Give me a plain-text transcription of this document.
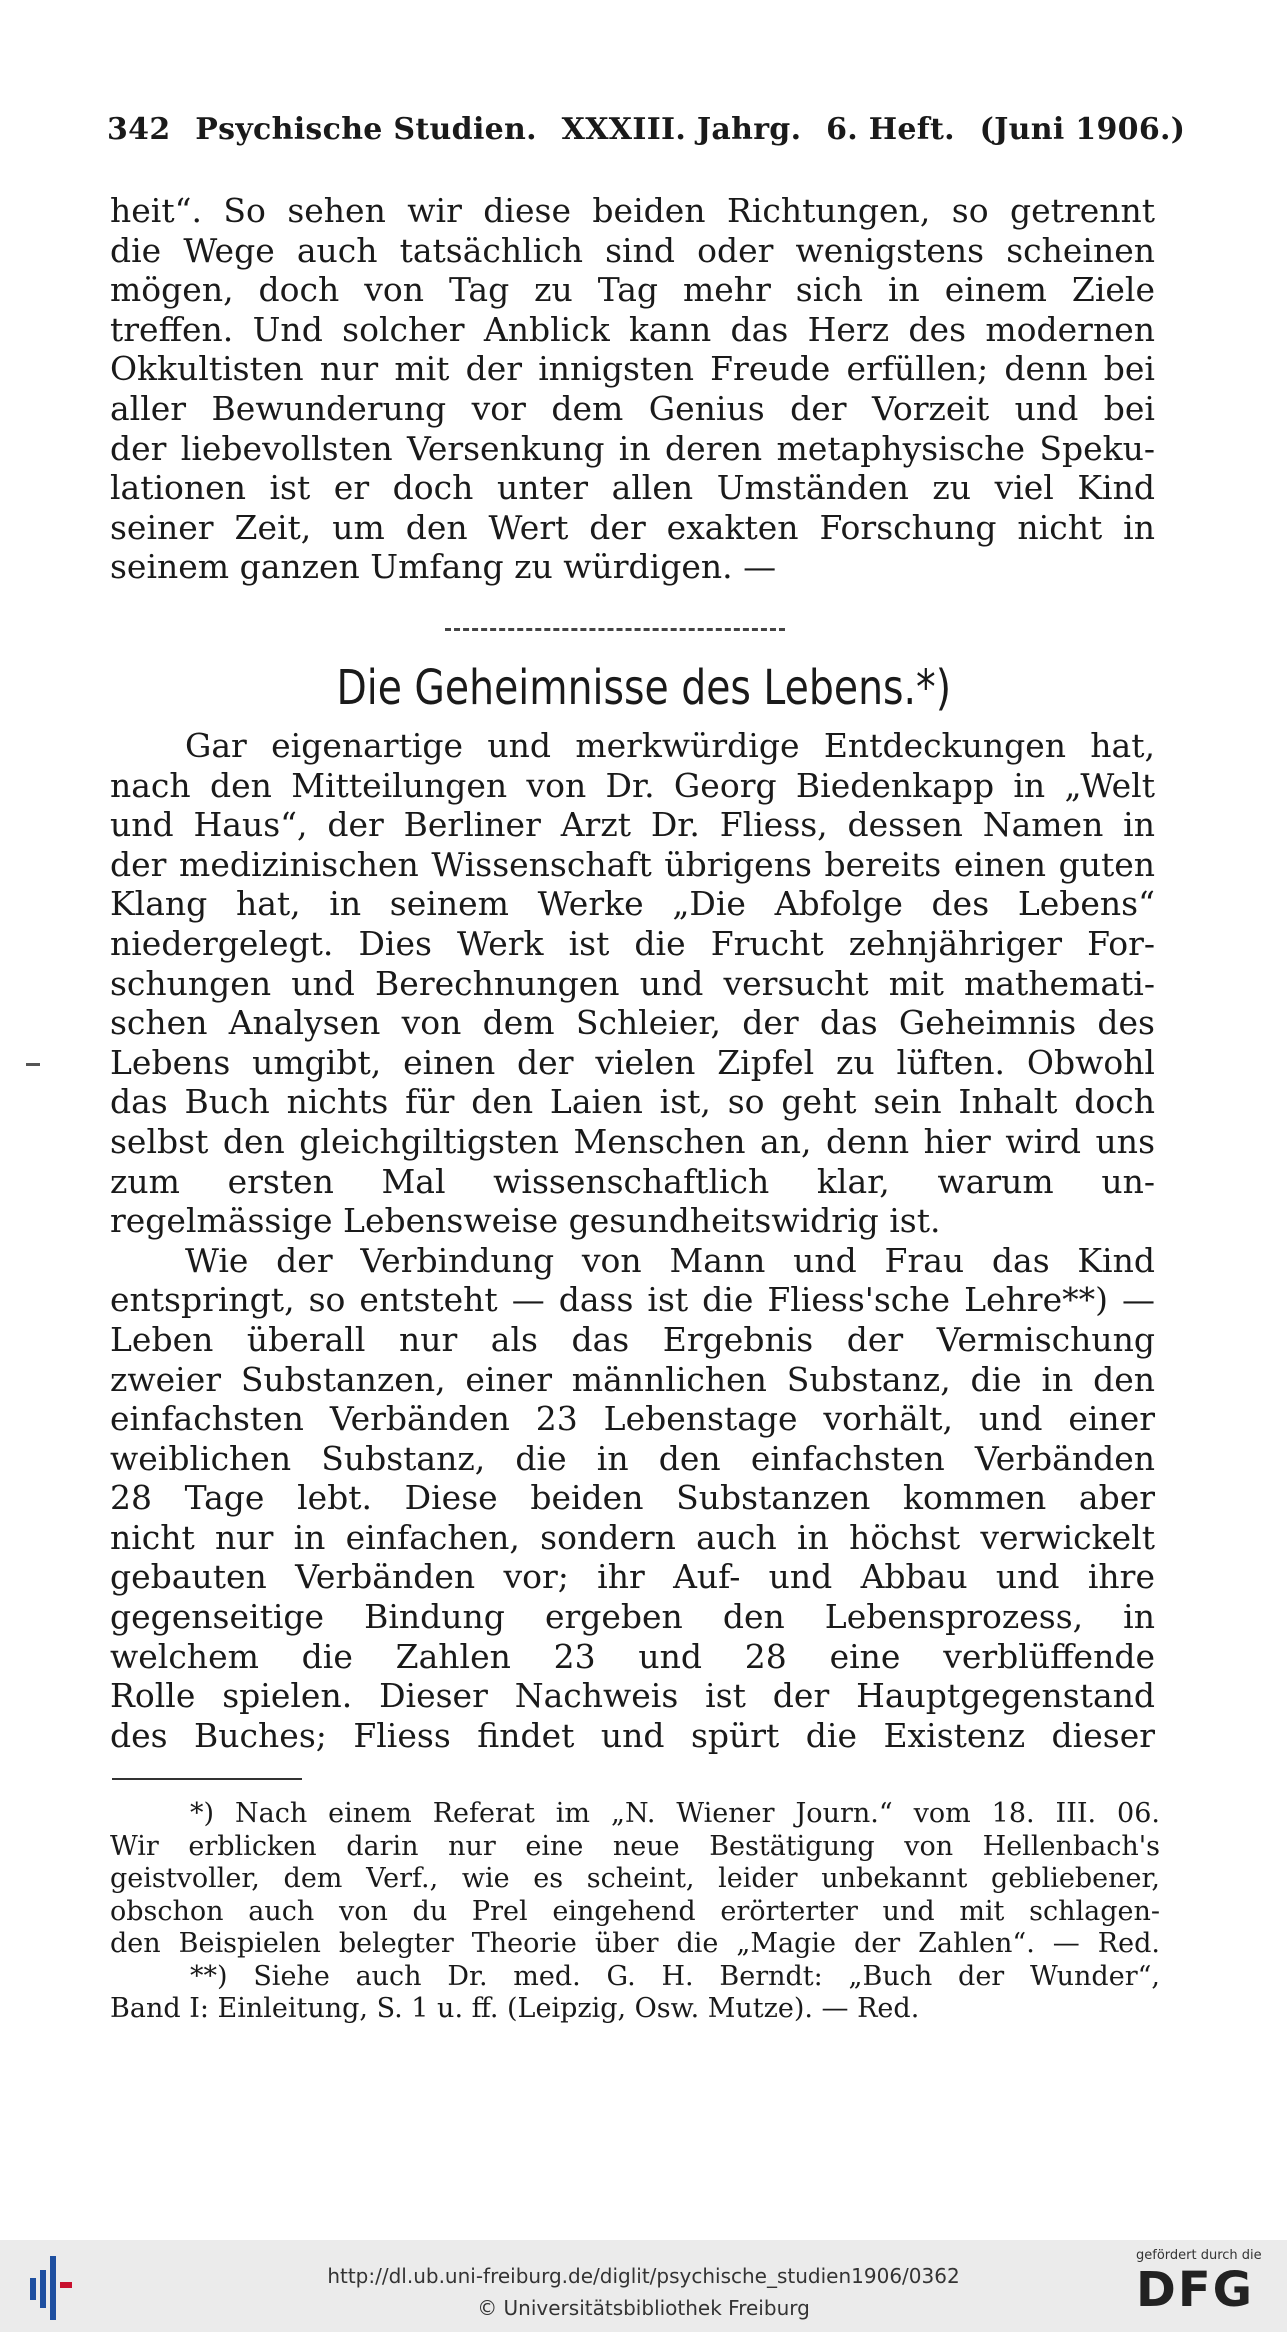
342 Psychische Studien. XXXIII. Jahrg. 6. Heft. (Juni 1906.)
heit“. So sehen wir diese beiden Richtungen, so getrennt
die Wege auch tatsächlich sind oder wenigstens scheinen
mögen, doch von Tag zu Tag mehr sich in einem Ziele
treffen. Und solcher Anblick kann das Herz des modernen
Okkultisten nur mit der innigsten Freude erfüllen; denn bei
aller Bewunderung vor dem Genius der Vorzeit und bei
der liebevollsten Versenkung in deren metaphysische Speku-
lationen ist er doch unter allen Umständen zu viel Kind
seiner Zeit, um den Wert der exakten Forschung nicht in
seinem ganzen Umfang zu würdigen. —
Die Geheimnisse des Lebens.*)
Gar eigenartige und merkwürdige Entdeckungen hat,
nach den Mitteilungen von Dr. Georg Biedenkapp in „Welt
und Haus“, der Berliner Arzt Dr. Fliess, dessen Namen in
der medizinischen Wissenschaft übrigens bereits einen guten
Klang hat, in seinem Werke „Die Abfolge des Lebens“
niedergelegt. Dies Werk ist die Frucht zehnjähriger For-
schungen und Berechnungen und versucht mit mathemati-
schen Analysen von dem Schleier, der das Geheimnis des
Lebens umgibt, einen der vielen Zipfel zu lüften. Obwohl
das Buch nichts für den Laien ist, so geht sein Inhalt doch
selbst den gleichgiltigsten Menschen an, denn hier wird uns
zum ersten Mal wissenschaftlich klar, warum un-
regelmässige Lebensweise gesundheitswidrig ist.
Wie der Verbindung von Mann und Frau das Kind
entspringt, so entsteht — dass ist die Fliess'sche Lehre**) —
Leben überall nur als das Ergebnis der Vermischung
zweier Substanzen, einer männlichen Substanz, die in den
einfachsten Verbänden 23 Lebenstage vorhält, und einer
weiblichen Substanz, die in den einfachsten Verbänden
28 Tage lebt. Diese beiden Substanzen kommen aber
nicht nur in einfachen, sondern auch in höchst verwickelt
gebauten Verbänden vor; ihr Auf- und Abbau und ihre
gegenseitige Bindung ergeben den Lebensprozess, in
welchem die Zahlen 23 und 28 eine verblüffende
Rolle spielen. Dieser Nachweis ist der Hauptgegenstand
des Buches; Fliess findet und spürt die Existenz dieser
*) Nach einem Referat im „N. Wiener Journ.“ vom 18. III. 06.
Wir erblicken darin nur eine neue Bestätigung von Hellenbach's
geistvoller, dem Verf., wie es scheint, leider unbekannt gebliebener,
obschon auch von du Prel eingehend erörterter und mit schlagen-
den Beispielen belegter Theorie über die „Magie der Zahlen“. — Red.
**) Siehe auch Dr. med. G. H. Berndt: „Buch der Wunder“,
Band I: Einleitung, S. 1 u. ff. (Leipzig, Osw. Mutze). — Red.
http://dl.ub.uni-freiburg.de/diglit/psychische_studien1906/0362
© Universitätsbibliothek Freiburg
gefördert durch die
DFG
